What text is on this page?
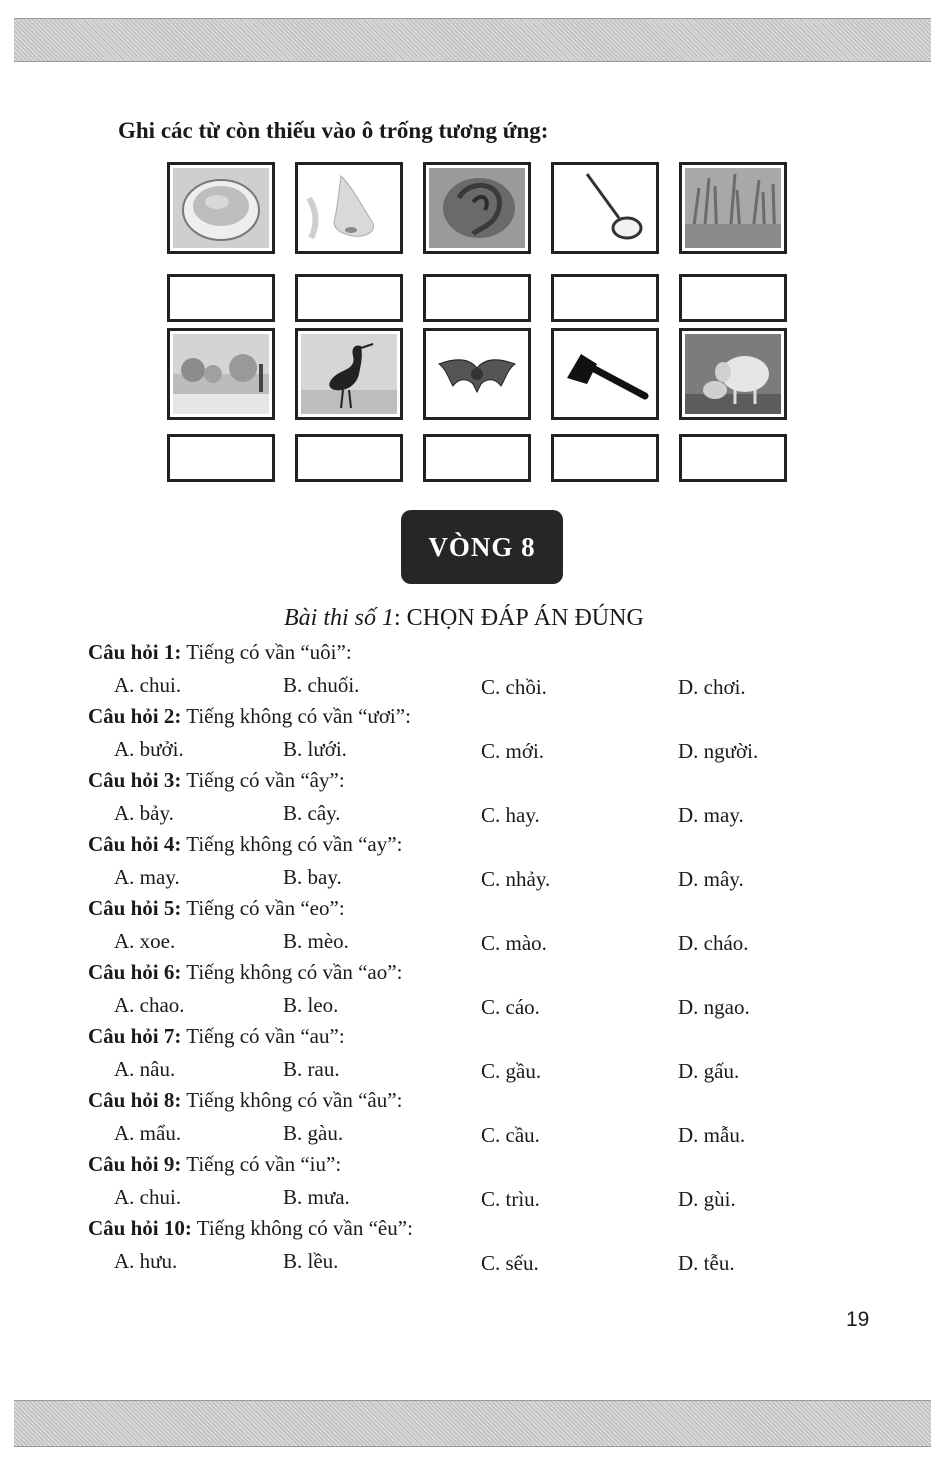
Ghi các từ còn thiếu vào ô trống tương ứng:
VÒNG 8
Bài thi số 1: CHỌN ĐÁP ÁN ĐÚNG
Câu hỏi 1: Tiếng có vần “uôi”:
A. chui.	B. chuối.	C. chồi.	D. chơi.
Câu hỏi 2: Tiếng không có vần “ươi”:
A. bưởi.	B. lưới.	C. mới.	D. người.
Câu hỏi 3: Tiếng có vần “ây”:
A. bảy.	B. cây.	C. hay.	D. may.
Câu hỏi 4: Tiếng không có vần “ay”:
A. may.	B. bay.	C. nhảy.	D. mây.
Câu hỏi 5: Tiếng có vần “eo”:
A. xoe.	B. mèo.	C. mào.	D. cháo.
Câu hỏi 6: Tiếng không có vần “ao”:
A. chao.	B. leo.	C. cáo.	D. ngao.
Câu hỏi 7: Tiếng có vần “au”:
A. nâu.	B. rau.	C. gầu.	D. gấu.
Câu hỏi 8: Tiếng không có vần “âu”:
A. mẩu.	B. gàu.	C. cầu.	D. mẫu.
Câu hỏi 9: Tiếng có vần “iu”:
A. chui.	B. mưa.	C. trìu.	D. gùi.
Câu hỏi 10: Tiếng không có vần “êu”:
A. hưu.	B. lều.	C. sếu.	D. tễu.
19
